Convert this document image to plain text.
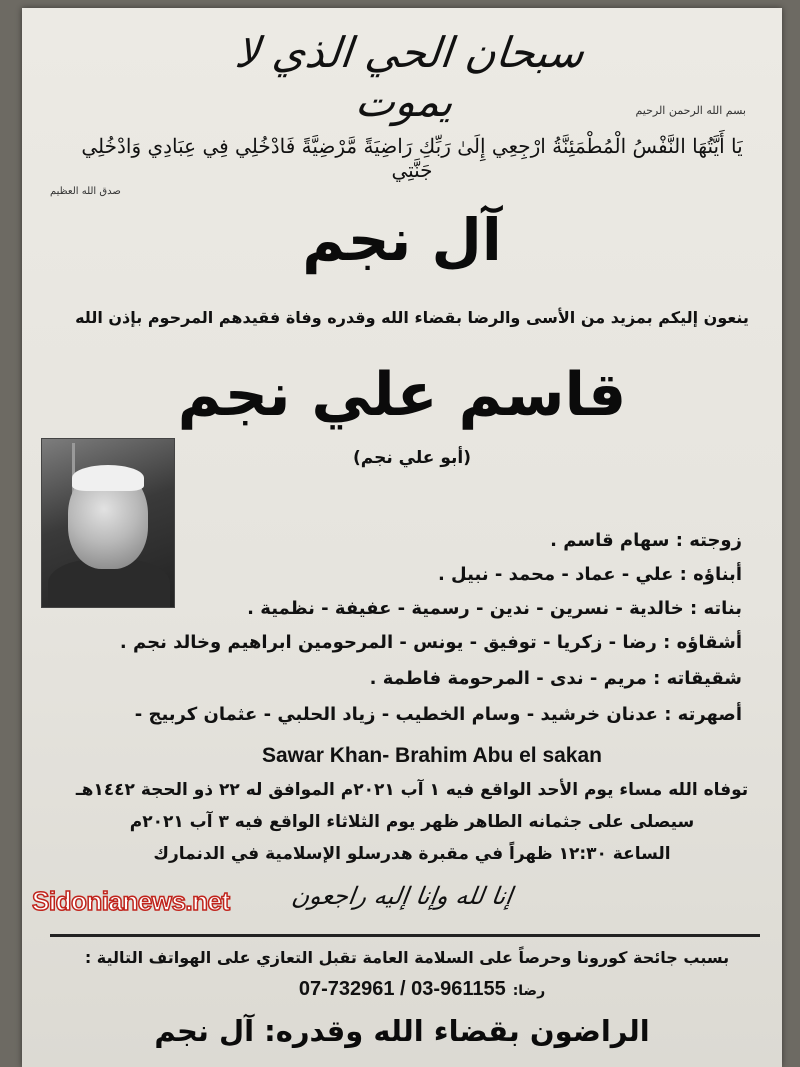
سبحان الحي الذي لا يموت	بسم الله الرحمن الرحيم
يَا أَيَّتُهَا النَّفْسُ الْمُطْمَئِنَّةُ ارْجِعِي إِلَىٰ رَبِّكِ رَاضِيَةً مَّرْضِيَّةً فَادْخُلِي فِي عِبَادِي وَادْخُلِي جَنَّتِي
صدق الله العظيم
آل نجم
ينعون إليكم بمزيد من الأسى والرضا بقضاء الله وقدره وفاة فقيدهم المرحوم بإذن الله
قاسم علي نجم
(أبو علي نجم)
زوجته : سهام قاسم .
أبناؤه : علي - عماد - محمد - نبيل .
بناته : خالدية - نسرين - ندين - رسمية - عفيفة - نظمية .
أشقاؤه : رضا - زكريا - توفيق - يونس - المرحومين ابراهيم وخالد نجم .
شقيقاته : مريم - ندى - المرحومة فاطمة .
أصهرته : عدنان خرشيد - وسام الخطيب - زياد الحلبي - عثمان كربيج -
Sawar Khan- Brahim Abu el sakan
توفاه الله مساء يوم الأحد الواقع فيه ١ آب ٢٠٢١م الموافق له ٢٢ ذو الحجة ١٤٤٢هـ
سيصلى على جثمانه الطاهر ظهر يوم الثلاثاء الواقع فيه ٣ آب ٢٠٢١م
الساعة ١٢:٣٠ ظهراً في مقبرة هدرسلو الإسلامية في الدنمارك
Sidonianews.net	إنا لله وإنا إليه راجعون
بسبب جائحة كورونا وحرصاً على السلامة العامة تقبل التعازي على الهواتف التالية :
رضا: 07-732961 / 03-961155
الراضون بقضاء الله وقدره: آل نجم
